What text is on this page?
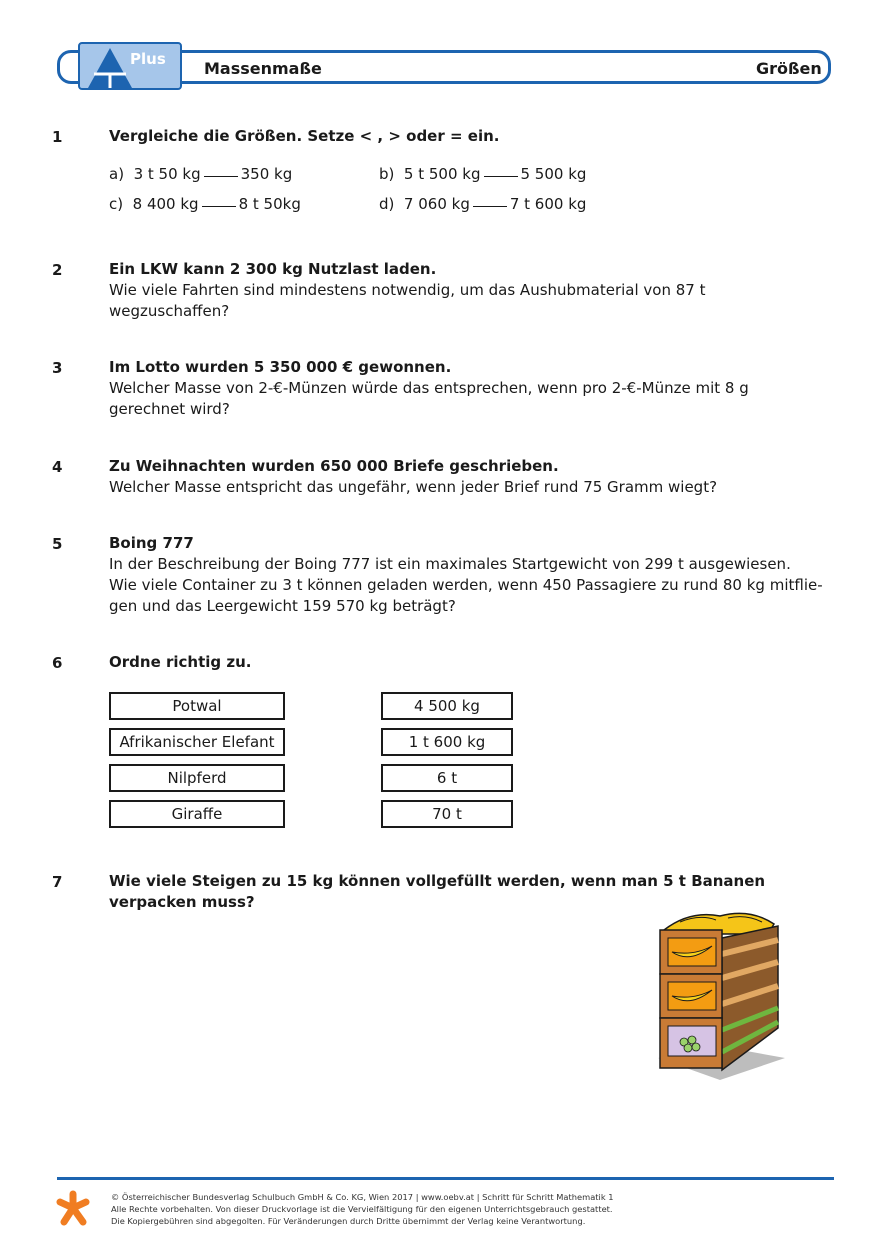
Plus Massenmaße	Größen
1	Vergleiche die Größen. Setze < , > oder = ein.
a) 3 t 50 kg	350 kg	b) 5 t 500 kg	5 500 kg
c) 8 400 kg	8 t 50kg	d) 7 060 kg	7 t 600 kg
2	Ein LKW kann 2 300 kg Nutzlast laden.
Wie viele Fahrten sind mindestens notwendig, um das Aushubmaterial von 87 t
wegzuschaffen?
3	Im Lotto wurden 5 350 000 € gewonnen.
Welcher Masse von 2-€-Münzen würde das entsprechen, wenn pro 2-€-Münze mit 8 g
gerechnet wird?
4	Zu Weihnachten wurden 650 000 Briefe geschrieben.
Welcher Masse entspricht das ungefähr, wenn jeder Brief rund 75 Gramm wiegt?
5	Boing 777
In der Beschreibung der Boing 777 ist ein maximales Startgewicht von 299 t ausgewiesen.
Wie viele Container zu 3 t können geladen werden, wenn 450 Passagiere zu rund 80 kg mitflie-
gen und das Leergewicht 159 570 kg beträgt?
6	Ordne richtig zu.
Potwal
Afrikanischer Elefant
Nilpferd
Giraffe
4 500 kg
1 t 600 kg
6 t
70 t
7	Wie viele Steigen zu 15 kg können vollgefüllt werden, wenn man 5 t Bananen verpacken muss?
© Österreichischer Bundesverlag Schulbuch GmbH & Co. KG, Wien 2017 | www.oebv.at | Schritt für Schritt Mathematik 1
Alle Rechte vorbehalten. Von dieser Druckvorlage ist die Vervielfältigung für den eigenen Unterrichtsgebrauch gestattet.
Die Kopiergebühren sind abgegolten. Für Veränderungen durch Dritte übernimmt der Verlag keine Verantwortung.
